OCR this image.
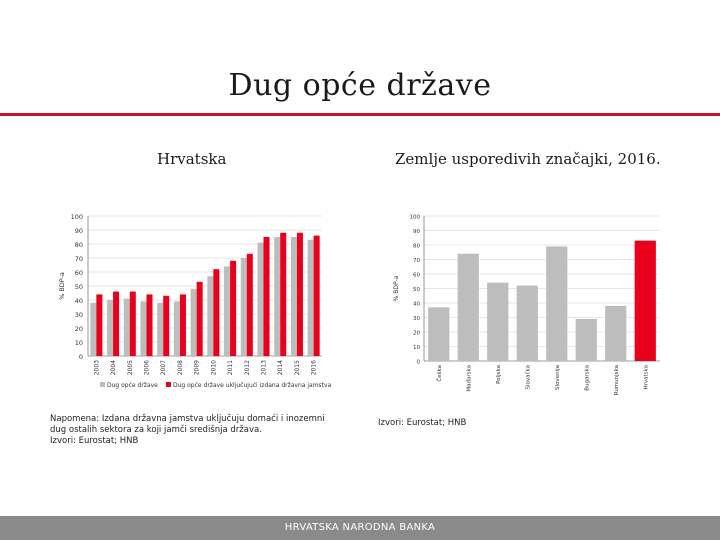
Dug opće države
Hrvatska	Zemlje usporedivih značajki, 2016.
0
10
20
30
40
50
60
70
80
90
100
% BDP-a
2003 2004 2005 2006 2007 2008 2009 2010 2011 2012 2013 2014 2015 2016
Dug opće države	Dug opće države uključujući izdana državna jamstva
0
10
20
30
40
50
60
70
80
90
100
% BDP-a
Češka	Mađarska	Poljska	Slovačka	Slovenija	Bugarska	Rumunjska	Hrvatska
Napomena: Izdana državna jamstva uključuju domaći i inozemni
dug ostalih sektora za koji jamči središnja država.
Izvori: Eurostat; HNB
Izvori: Eurostat; HNB
HRVATSKA NARODNA BANKA
